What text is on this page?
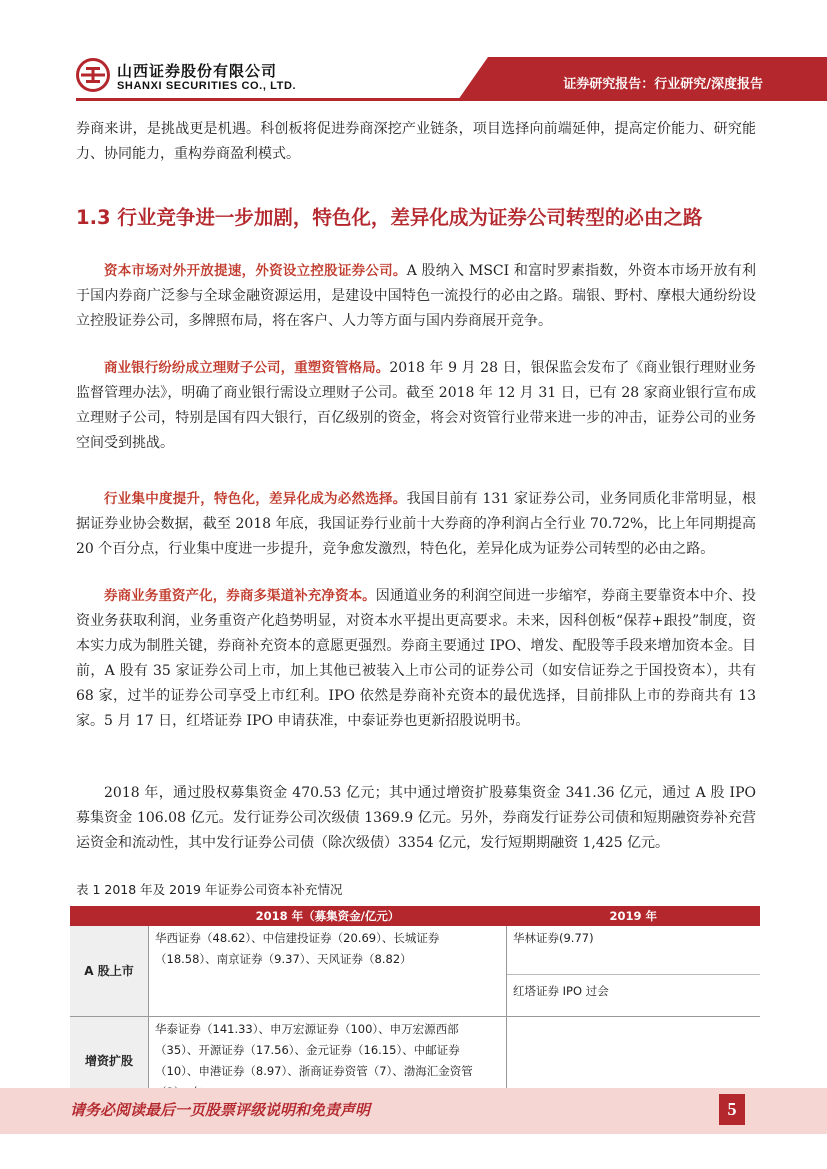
山西证券股份有限公司
SHANXI SECURITIES CO., LTD.	证券研究报告：行业研究/深度报告

券商来讲，是挑战更是机遇。科创板将促进券商深挖产业链条，项目选择向前端延伸，提高定价能力、研究能力、协同能力，重构券商盈利模式。

1.3 行业竞争进一步加剧，特色化，差异化成为证券公司转型的必由之路

资本市场对外开放提速，外资设立控股证券公司。A 股纳入 MSCI 和富时罗素指数，外资本市场开放有利于国内券商广泛参与全球金融资源运用，是建设中国特色一流投行的必由之路。瑞银、野村、摩根大通纷纷设立控股证券公司，多牌照布局，将在客户、人力等方面与国内券商展开竞争。

商业银行纷纷成立理财子公司，重塑资管格局。2018 年 9 月 28 日，银保监会发布了《商业银行理财业务监督管理办法》，明确了商业银行需设立理财子公司。截至 2018 年 12 月 31 日，已有 28 家商业银行宣布成立理财子公司，特别是国有四大银行，百亿级别的资金，将会对资管行业带来进一步的冲击，证券公司的业务空间受到挑战。

行业集中度提升，特色化，差异化成为必然选择。我国目前有 131 家证券公司，业务同质化非常明显，根据证券业协会数据，截至 2018 年底，我国证券行业前十大券商的净利润占全行业 70.72%，比上年同期提高 20 个百分点，行业集中度进一步提升，竞争愈发激烈，特色化，差异化成为证券公司转型的必由之路。

券商业务重资产化，券商多渠道补充净资本。因通道业务的利润空间进一步缩窄，券商主要靠资本中介、投资业务获取利润，业务重资产化趋势明显，对资本水平提出更高要求。未来，因科创板“保荐+跟投”制度，资本实力成为制胜关键，券商补充资本的意愿更强烈。券商主要通过 IPO、增发、配股等手段来增加资本金。目前，A 股有 35 家证券公司上市，加上其他已被装入上市公司的证券公司（如安信证券之于国投资本），共有 68 家，过半的证券公司享受上市红利。IPO 依然是券商补充资本的最优选择，目前排队上市的券商共有 13 家。5 月 17 日，红塔证券 IPO 申请获准，中泰证券也更新招股说明书。

2018 年，通过股权募集资金 470.53 亿元；其中通过增资扩股募集资金 341.36 亿元，通过 A 股 IPO 募集资金 106.08 亿元。发行证券公司次级债 1369.9 亿元。另外，券商发行证券公司债和短期融资券补充营运资金和流动性，其中发行证券公司债（除次级债）3354 亿元，发行短期期融资 1,425 亿元。

表 1 2018 年及 2019 年证券公司资本补充情况
	2018 年（募集资金/亿元）	2019 年
A 股上市	华西证券（48.62）、中信建投证券（20.69）、长城证券（18.58）、南京证券（9.37）、天风证券（8.82）	华林证券(9.77)
红塔证券 IPO 过会

增资扩股	华泰证券（141.33）、申万宏源证券（100）、申万宏源西部（35）、开源证券（17.56）、金元证券（16.15）、中邮证券（10）、申港证券（8.97）、浙商证券资管（7）、渤海汇金资管	
请务必阅读最后一页股票评级说明和免责声明	5
